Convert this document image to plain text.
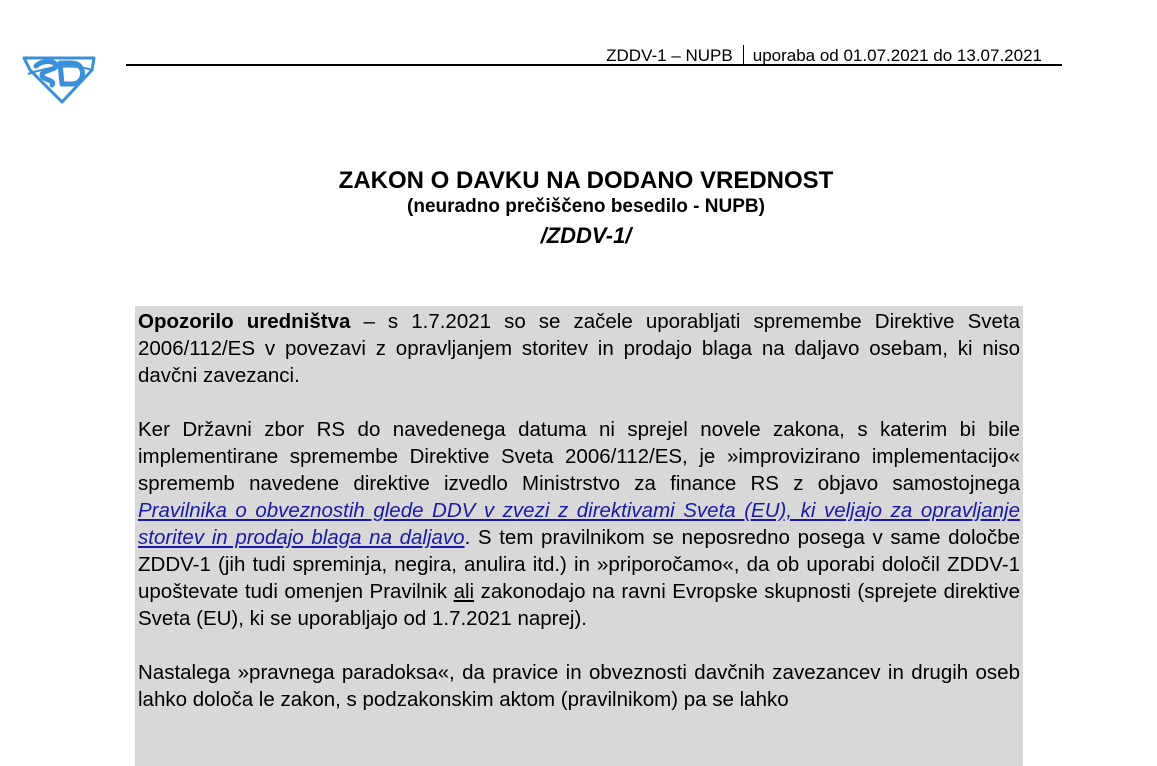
ZDDV-1 – NUPB uporaba od 01.07.2021 do 13.07.2021
ZAKON O DAVKU NA DODANO VREDNOST
(neuradno prečiščeno besedilo - NUPB)
/ZDDV-1/

Opozorilo uredništva – s 1.7.2021 so se začele uporabljati spremembe Direktive Sveta 2006/112/ES v povezavi z opravljanjem storitev in prodajo blaga na daljavo osebam, ki niso davčni zavezanci.

Ker Državni zbor RS do navedenega datuma ni sprejel novele zakona, s katerim bi bile implementirane spremembe Direktive Sveta 2006/112/ES, je »improvizirano implementacijo« sprememb navedene direktive izvedlo Ministrstvo za finance RS z objavo samostojnega Pravilnika o obveznostih glede DDV v zvezi z direktivami Sveta (EU), ki veljajo za opravljanje storitev in prodajo blaga na daljavo. S tem pravilnikom se neposredno posega v same določbe ZDDV-1 (jih tudi spreminja, negira, anulira itd.) in »priporočamo«, da ob uporabi določil ZDDV-1 upoštevate tudi omenjen Pravilnik ali zakonodajo na ravni Evropske skupnosti (sprejete direktive Sveta (EU), ki se uporabljajo od 1.7.2021 naprej).

Nastalega »pravnega paradoksa«, da pravice in obveznosti davčnih zavezancev in drugih oseb lahko določa le zakon, s podzakonskim aktom (pravilnikom) pa se lahko
